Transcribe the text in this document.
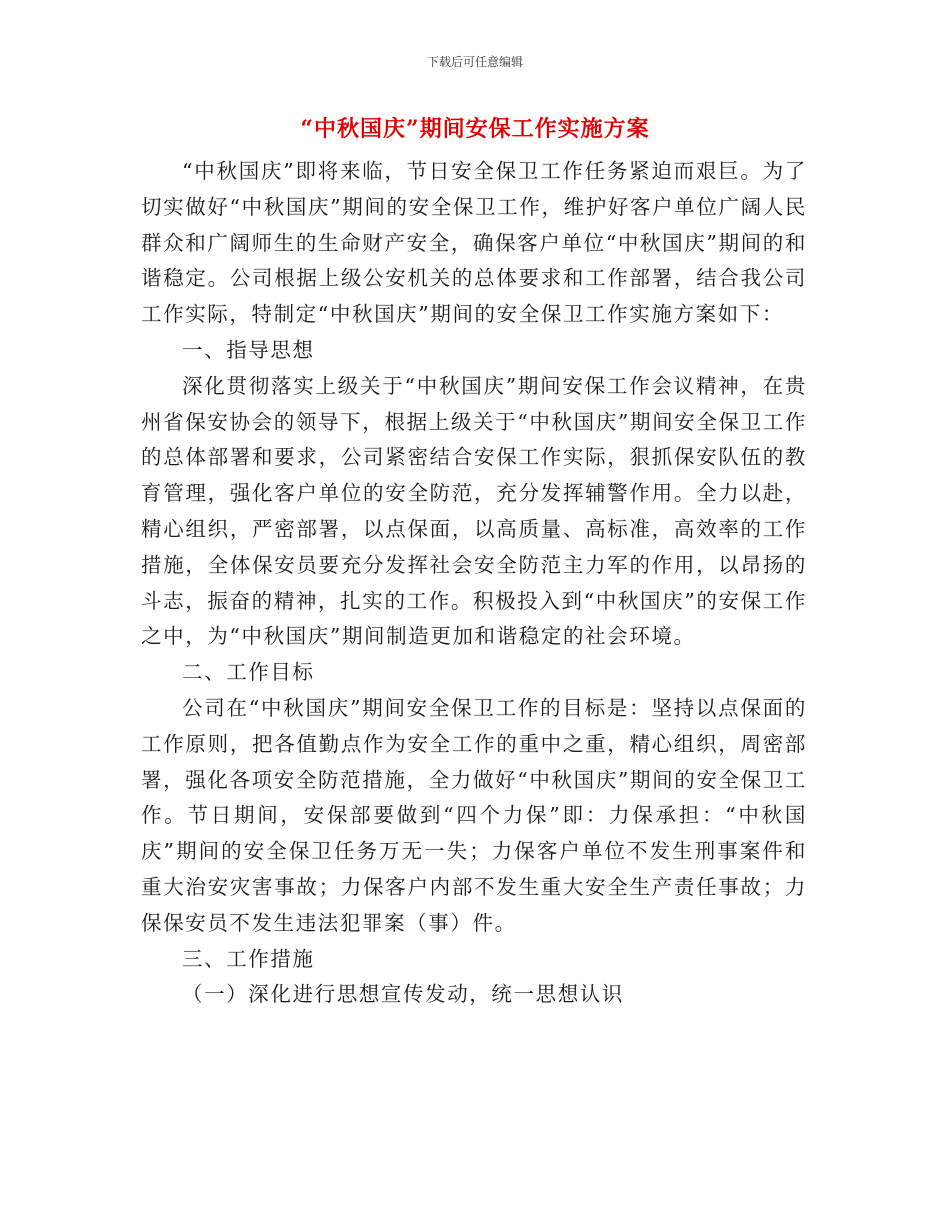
下载后可任意编辑
“中秋国庆”期间安保工作实施方案

“中秋国庆”即将来临，节日安全保卫工作任务紧迫而艰巨。为了切实做好“中秋国庆”期间的安全保卫工作，维护好客户单位广阔人民群众和广阔师生的生命财产安全，确保客户单位“中秋国庆”期间的和谐稳定。公司根据上级公安机关的总体要求和工作部署，结合我公司工作实际，特制定“中秋国庆”期间的安全保卫工作实施方案如下：

一、指导思想

深化贯彻落实上级关于“中秋国庆”期间安保工作会议精神，在贵州省保安协会的领导下，根据上级关于“中秋国庆”期间安全保卫工作的总体部署和要求，公司紧密结合安保工作实际，狠抓保安队伍的教育管理，强化客户单位的安全防范，充分发挥辅警作用。全力以赴，精心组织，严密部署，以点保面，以高质量、高标准，高效率的工作措施，全体保安员要充分发挥社会安全防范主力军的作用，以昂扬的斗志，振奋的精神，扎实的工作。积极投入到“中秋国庆”的安保工作之中，为“中秋国庆”期间制造更加和谐稳定的社会环境。

二、工作目标

公司在“中秋国庆”期间安全保卫工作的目标是：坚持以点保面的工作原则，把各值勤点作为安全工作的重中之重，精心组织，周密部署，强化各项安全防范措施，全力做好“中秋国庆”期间的安全保卫工作。节日期间，安保部要做到“四个力保”即：力保承担：“中秋国庆”期间的安全保卫任务万无一失；力保客户单位不发生刑事案件和重大治安灾害事故；力保客户内部不发生重大安全生产责任事故；力保保安员不发生违法犯罪案（事）件。

三、工作措施

（一）深化进行思想宣传发动，统一思想认识
